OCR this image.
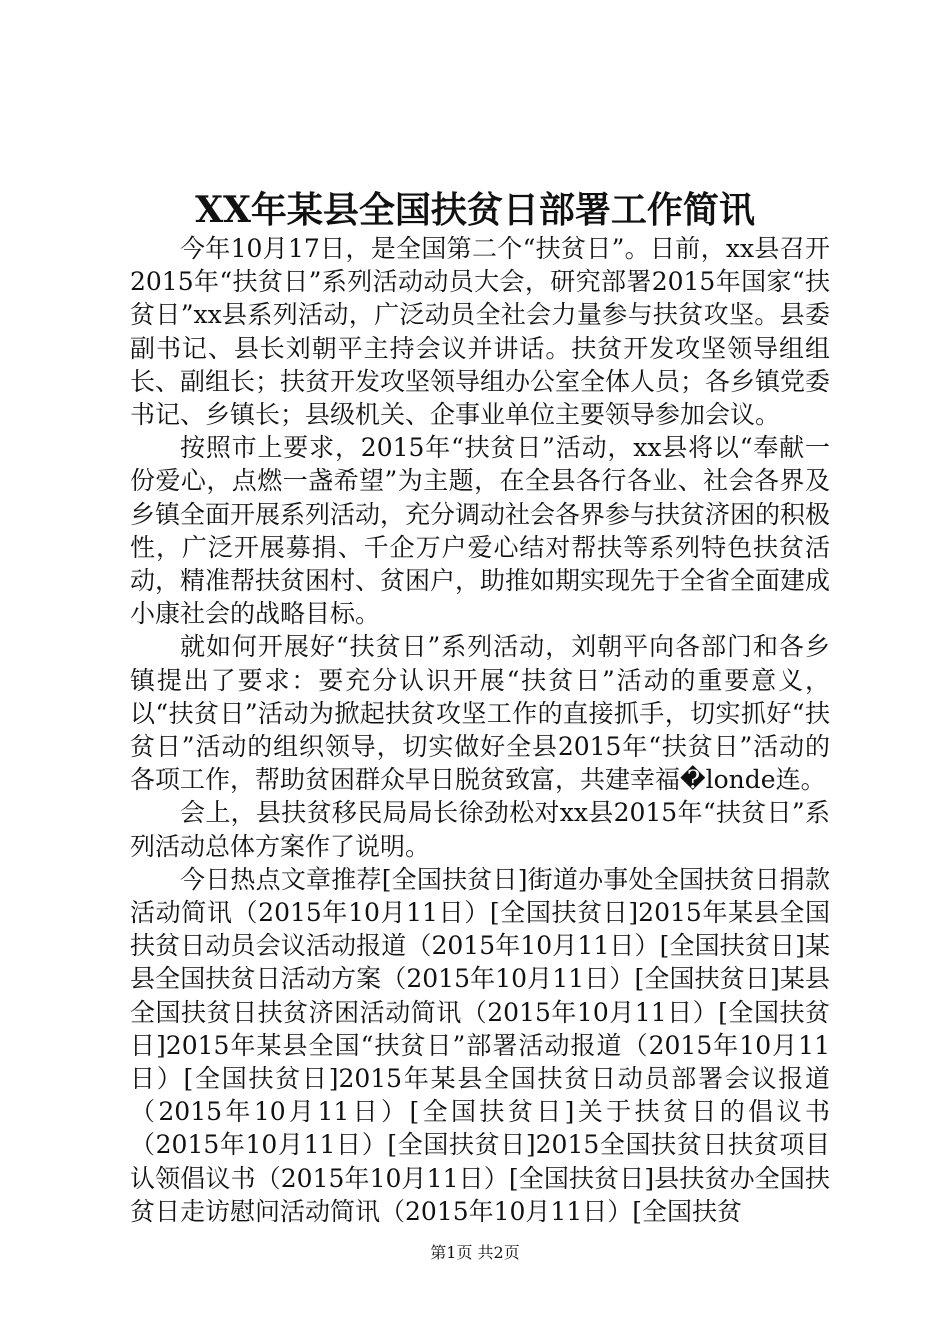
XX年某县全国扶贫日部署工作简讯

今年10月17日，是全国第二个“扶贫日”。日前，xx县召开2015年“扶贫日”系列活动动员大会，研究部署2015年国家“扶贫日”xx县系列活动，广泛动员全社会力量参与扶贫攻坚。县委副书记、县长刘朝平主持会议并讲话。扶贫开发攻坚领导组组长、副组长；扶贫开发攻坚领导组办公室全体人员；各乡镇党委书记、乡镇长；县级机关、企事业单位主要领导参加会议。

按照市上要求，2015年“扶贫日”活动，xx县将以“奉献一份爱心，点燃一盏希望”为主题，在全县各行各业、社会各界及乡镇全面开展系列活动，充分调动社会各界参与扶贫济困的积极性，广泛开展募捐、千企万户爱心结对帮扶等系列特色扶贫活动，精准帮扶贫困村、贫困户，助推如期实现先于全省全面建成小康社会的战略目标。

就如何开展好“扶贫日”系列活动，刘朝平向各部门和各乡镇提出了要求：要充分认识开展“扶贫日”活动的重要意义，以“扶贫日”活动为掀起扶贫攻坚工作的直接抓手，切实抓好“扶贫日”活动的组织领导，切实做好全县2015年“扶贫日”活动的各项工作，帮助贫困群众早日脱贫致富，共建幸福�londe连。

会上，县扶贫移民局局长徐劲松对xx县2015年“扶贫日”系列活动总体方案作了说明。

今日热点文章推荐[全国扶贫日]街道办事处全国扶贫日捐款活动简讯（2015年10月11日）[全国扶贫日]2015年某县全国扶贫日动员会议活动报道（2015年10月11日）[全国扶贫日]某县全国扶贫日活动方案（2015年10月11日）[全国扶贫日]某县全国扶贫日扶贫济困活动简讯（2015年10月11日）[全国扶贫日]2015年某县全国“扶贫日”部署活动报道（2015年10月11日）[全国扶贫日]2015年某县全国扶贫日动员部署会议报道（2015年10月11日）[全国扶贫日]关于扶贫日的倡议书（2015年10月11日）[全国扶贫日]2015全国扶贫日扶贫项目认领倡议书（2015年10月11日）[全国扶贫日]县扶贫办全国扶贫日走访慰问活动简讯（2015年10月11日）[全国扶贫

第1页 共2页
